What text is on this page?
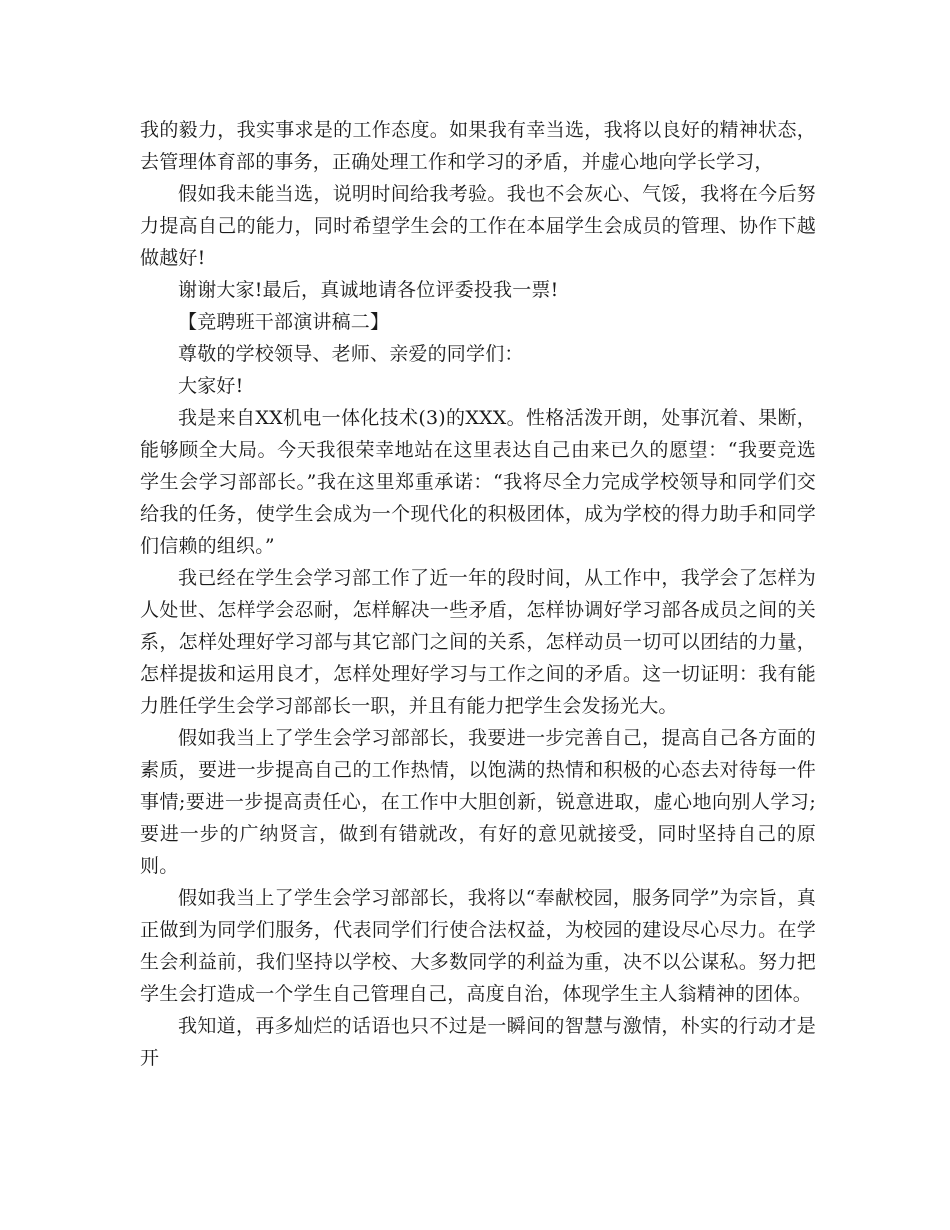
我的毅力，我实事求是的工作态度。如果我有幸当选，我将以良好的精神状态，去管理体育部的事务，正确处理工作和学习的矛盾，并虚心地向学长学习，

假如我未能当选，说明时间给我考验。我也不会灰心、气馁，我将在今后努力提高自己的能力，同时希望学生会的工作在本届学生会成员的管理、协作下越做越好!

谢谢大家!最后，真诚地请各位评委投我一票!

【竞聘班干部演讲稿二】

尊敬的学校领导、老师、亲爱的同学们：

大家好!

我是来自XX机电一体化技术(3)的XXX。性格活泼开朗，处事沉着、果断，能够顾全大局。今天我很荣幸地站在这里表达自己由来已久的愿望：“我要竞选学生会学习部部长。”我在这里郑重承诺：“我将尽全力完成学校领导和同学们交给我的任务，使学生会成为一个现代化的积极团体，成为学校的得力助手和同学们信赖的组织。”

我已经在学生会学习部工作了近一年的段时间，从工作中，我学会了怎样为人处世、怎样学会忍耐，怎样解决一些矛盾，怎样协调好学习部各成员之间的关系，怎样处理好学习部与其它部门之间的关系，怎样动员一切可以团结的力量，怎样提拔和运用良才，怎样处理好学习与工作之间的矛盾。这一切证明：我有能力胜任学生会学习部部长一职，并且有能力把学生会发扬光大。

假如我当上了学生会学习部部长，我要进一步完善自己，提高自己各方面的素质，要进一步提高自己的工作热情，以饱满的热情和积极的心态去对待每一件事情;要进一步提高责任心，在工作中大胆创新，锐意进取，虚心地向别人学习;要进一步的广纳贤言，做到有错就改，有好的意见就接受，同时坚持自己的原则。

假如我当上了学生会学习部部长，我将以“奉献校园，服务同学”为宗旨，真正做到为同学们服务，代表同学们行使合法权益，为校园的建设尽心尽力。在学生会利益前，我们坚持以学校、大多数同学的利益为重，决不以公谋私。努力把学生会打造成一个学生自己管理自己，高度自治，体现学生主人翁精神的团体。

我知道，再多灿烂的话语也只不过是一瞬间的智慧与激情，朴实的行动才是开
